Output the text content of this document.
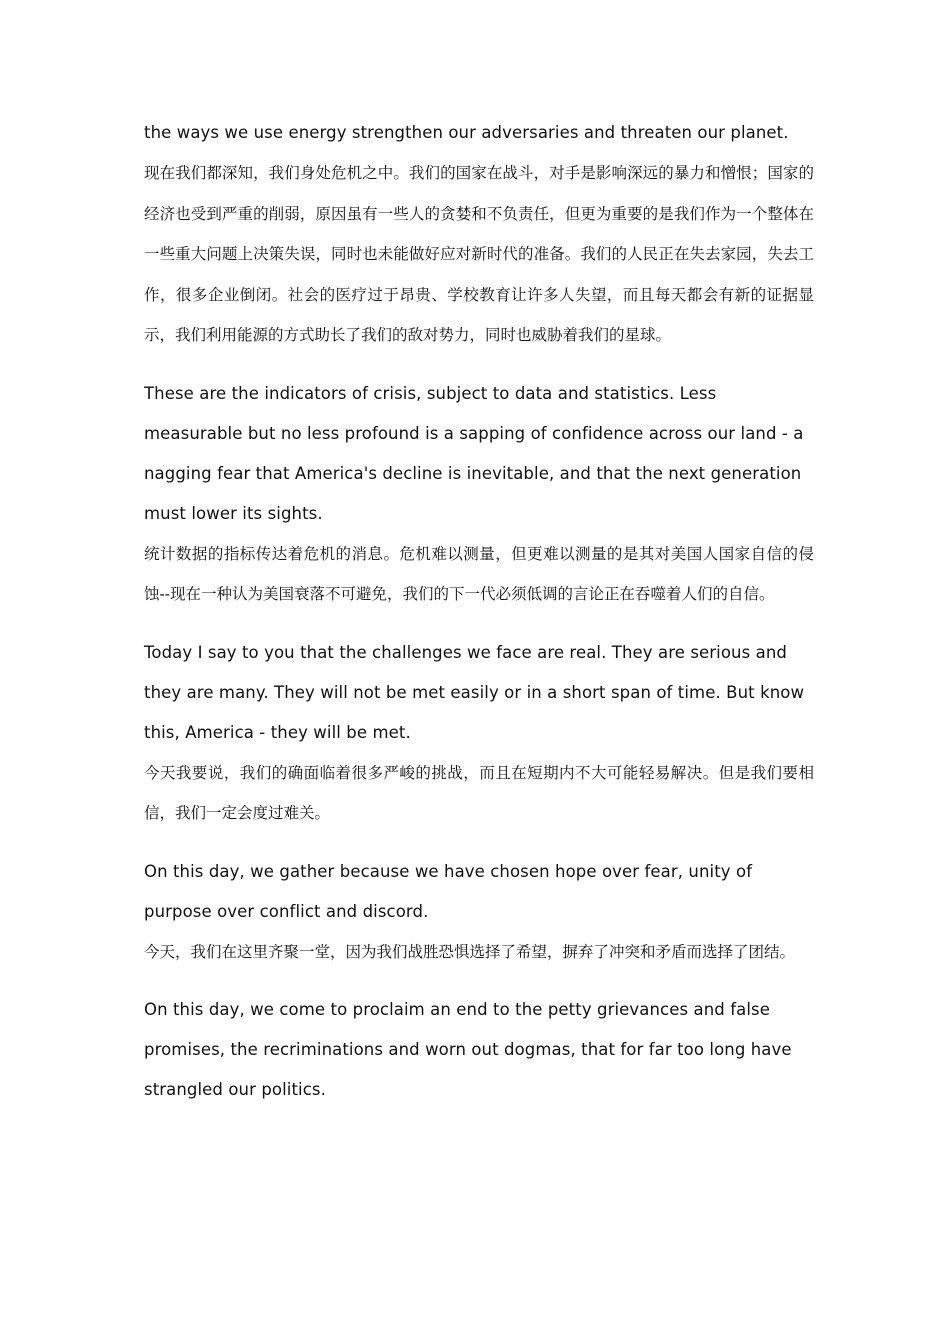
the ways we use energy strengthen our adversaries and threaten our planet.

现在我们都深知，我们身处危机之中。我们的国家在战斗，对手是影响深远的暴力和憎恨；国家的经济也受到严重的削弱，原因虽有一些人的贪婪和不负责任，但更为重要的是我们作为一个整体在一些重大问题上决策失误，同时也未能做好应对新时代的准备。我们的人民正在失去家园，失去工作，很多企业倒闭。社会的医疗过于昂贵、学校教育让许多人失望，而且每天都会有新的证据显示，我们利用能源的方式助长了我们的敌对势力，同时也威胁着我们的星球。

These are the indicators of crisis, subject to data and statistics. Less measurable but no less profound is a sapping of confidence across our land - a nagging fear that America's decline is inevitable, and that the next generation must lower its sights.

统计数据的指标传达着危机的消息。危机难以测量，但更难以测量的是其对美国人国家自信的侵蚀--现在一种认为美国衰落不可避免，我们的下一代必须低调的言论正在吞噬着人们的自信。

Today I say to you that the challenges we face are real. They are serious and they are many. They will not be met easily or in a short span of time. But know this, America - they will be met.

今天我要说，我们的确面临着很多严峻的挑战，而且在短期内不大可能轻易解决。但是我们要相信，我们一定会度过难关。

On this day, we gather because we have chosen hope over fear, unity of purpose over conflict and discord.

今天，我们在这里齐聚一堂，因为我们战胜恐惧选择了希望，摒弃了冲突和矛盾而选择了团结。

On this day, we come to proclaim an end to the petty grievances and false promises, the recriminations and worn out dogmas, that for far too long have strangled our politics.
